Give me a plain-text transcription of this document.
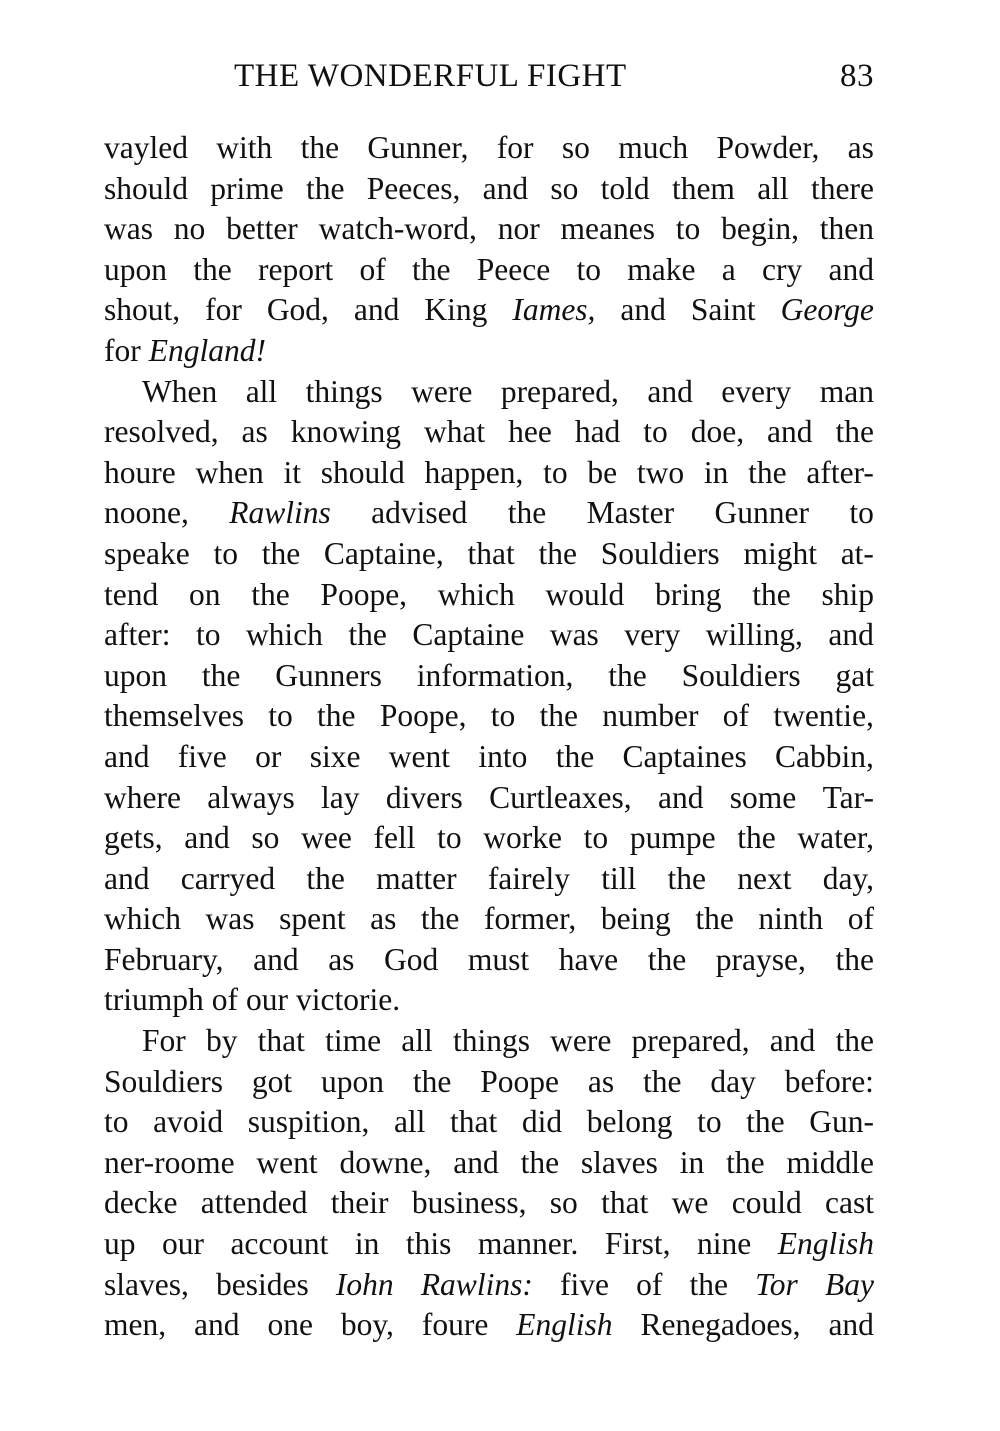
THE WONDERFUL FIGHT	83
vayled with the Gunner, for so much Powder, as
should prime the Peeces, and so told them all there
was no better watch-word, nor meanes to begin, then
upon the report of the Peece to make a cry and
shout, for God, and King Iames, and Saint George
for England!
When all things were prepared, and every man
resolved, as knowing what hee had to doe, and the
houre when it should happen, to be two in the after-
noone, Rawlins advised the Master Gunner to
speake to the Captaine, that the Souldiers might at-
tend on the Poope, which would bring the ship
after: to which the Captaine was very willing, and
upon the Gunners information, the Souldiers gat
themselves to the Poope, to the number of twentie,
and five or sixe went into the Captaines Cabbin,
where always lay divers Curtleaxes, and some Tar-
gets, and so wee fell to worke to pumpe the water,
and carryed the matter fairely till the next day,
which was spent as the former, being the ninth of
February, and as God must have the prayse, the
triumph of our victorie.
For by that time all things were prepared, and the
Souldiers got upon the Poope as the day before:
to avoid suspition, all that did belong to the Gun-
ner-roome went downe, and the slaves in the middle
decke attended their business, so that we could cast
up our account in this manner. First, nine English
slaves, besides Iohn Rawlins: five of the Tor Bay
men, and one boy, foure English Renegadoes, and
